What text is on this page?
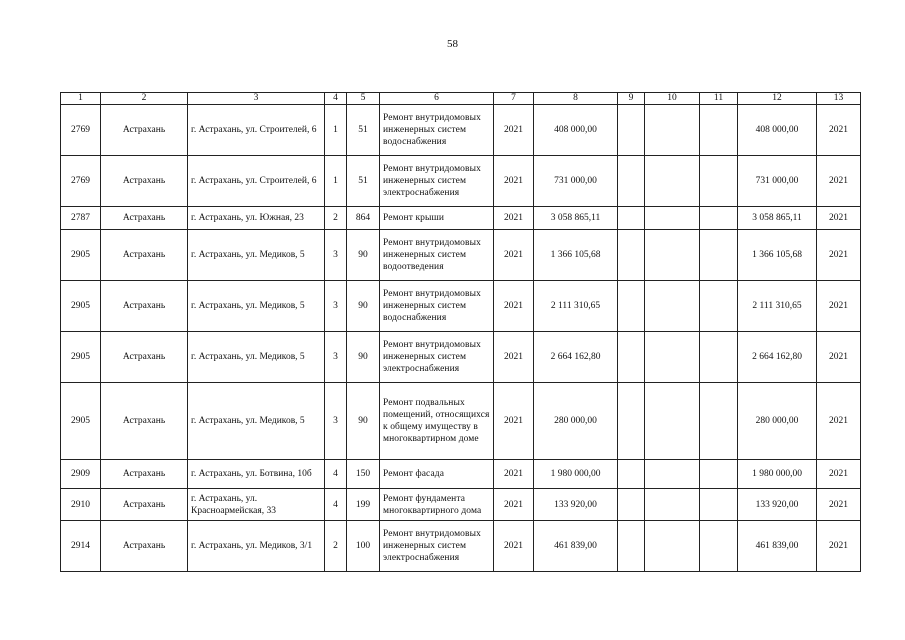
58
1	2	3	4	5	6	7	8	9	10	11	12	13
2769	Астрахань	г. Астрахань, ул. Строителей, 6	1	51	Ремонт внутридомовых инженерных систем водоснабжения	2021	408 000,00				408 000,00	2021
2769	Астрахань	г. Астрахань, ул. Строителей, 6	1	51	Ремонт внутридомовых инженерных систем электроснабжения	2021	731 000,00				731 000,00	2021
2787	Астрахань	г. Астрахань, ул. Южная, 23	2	864	Ремонт крыши	2021	3 058 865,11				3 058 865,11	2021
2905	Астрахань	г. Астрахань, ул. Медиков, 5	3	90	Ремонт внутридомовых инженерных систем водоотведения	2021	1 366 105,68				1 366 105,68	2021
2905	Астрахань	г. Астрахань, ул. Медиков, 5	3	90	Ремонт внутридомовых инженерных систем водоснабжения	2021	2 111 310,65				2 111 310,65	2021
2905	Астрахань	г. Астрахань, ул. Медиков, 5	3	90	Ремонт внутридомовых инженерных систем электроснабжения	2021	2 664 162,80				2 664 162,80	2021
2905	Астрахань	г. Астрахань, ул. Медиков, 5	3	90	Ремонт подвальных помещений, относящихся к общему имуществу в многоквартирном доме	2021	280 000,00				280 000,00	2021
2909	Астрахань	г. Астрахань, ул. Ботвина, 10б	4	150	Ремонт фасада	2021	1 980 000,00				1 980 000,00	2021
2910	Астрахань	г. Астрахань, ул. Красноармейская, 33	4	199	Ремонт фундамента многоквартирного дома	2021	133 920,00				133 920,00	2021
2914	Астрахань	г. Астрахань, ул. Медиков, 3/1	2	100	Ремонт внутридомовых инженерных систем электроснабжения	2021	461 839,00				461 839,00	2021
